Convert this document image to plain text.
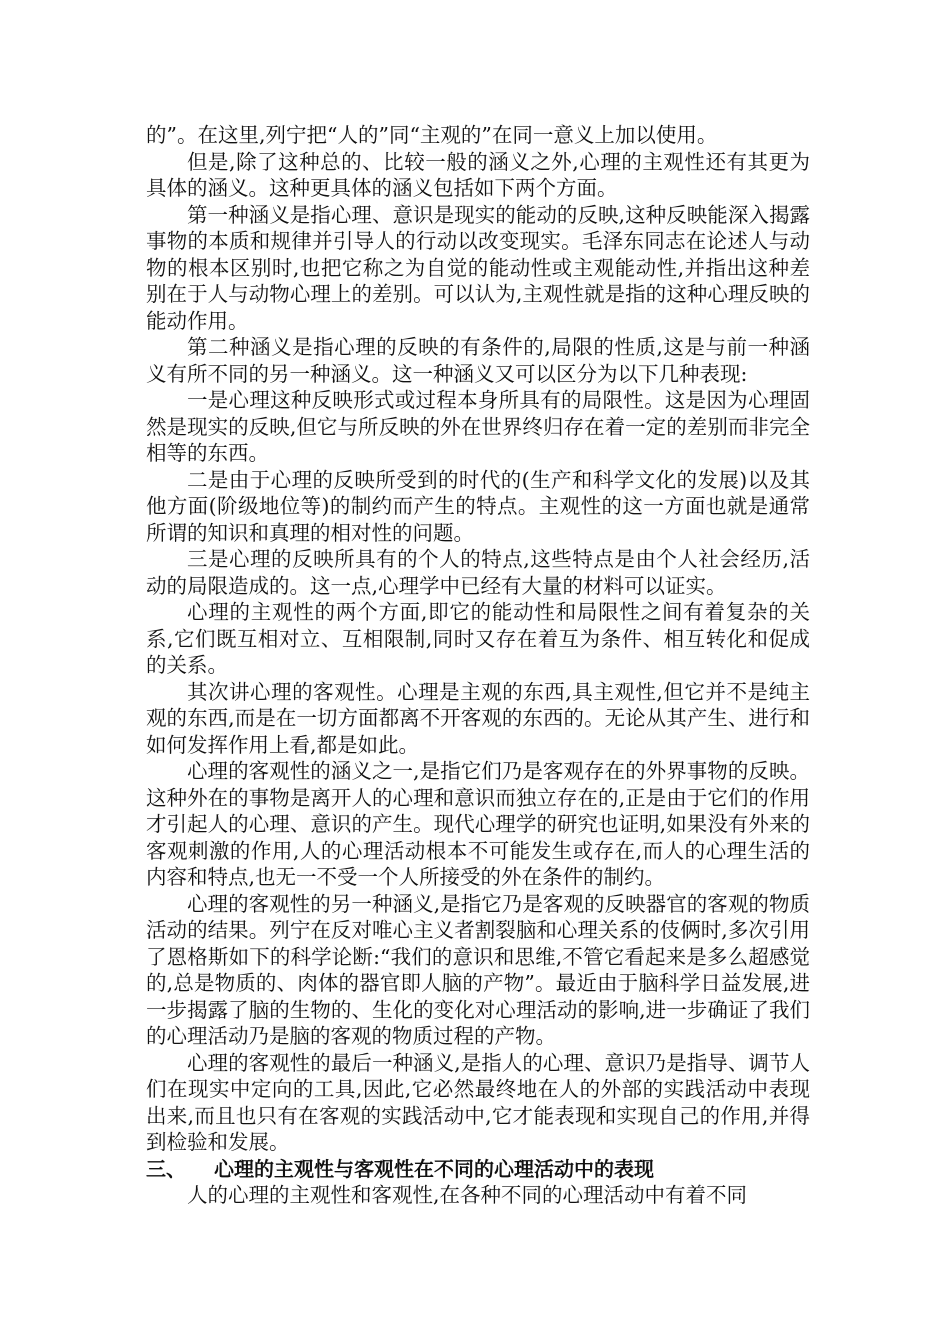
的”。在这里,列宁把“人的”同“主观的”在同一意义上加以使用。

但是,除了这种总的、比较一般的涵义之外,心理的主观性还有其更为具体的涵义。这种更具体的涵义包括如下两个方面。

第一种涵义是指心理、意识是现实的能动的反映,这种反映能深入揭露事物的本质和规律并引导人的行动以改变现实。毛泽东同志在论述人与动物的根本区别时,也把它称之为自觉的能动性或主观能动性,并指出这种差别在于人与动物心理上的差别。可以认为,主观性就是指的这种心理反映的能动作用。

第二种涵义是指心理的反映的有条件的,局限的性质,这是与前一种涵义有所不同的另一种涵义。这一种涵义又可以区分为以下几种表现:

一是心理这种反映形式或过程本身所具有的局限性。这是因为心理固然是现实的反映,但它与所反映的外在世界终归存在着一定的差别而非完全相等的东西。

二是由于心理的反映所受到的时代的(生产和科学文化的发展)以及其他方面(阶级地位等)的制约而产生的特点。主观性的这一方面也就是通常所谓的知识和真理的相对性的问题。

三是心理的反映所具有的个人的特点,这些特点是由个人社会经历,活动的局限造成的。这一点,心理学中已经有大量的材料可以证实。

心理的主观性的两个方面,即它的能动性和局限性之间有着复杂的关系,它们既互相对立、互相限制,同时又存在着互为条件、相互转化和促成的关系。

其次讲心理的客观性。心理是主观的东西,具主观性,但它并不是纯主观的东西,而是在一切方面都离不开客观的东西的。无论从其产生、进行和如何发挥作用上看,都是如此。

心理的客观性的涵义之一,是指它们乃是客观存在的外界事物的反映。这种外在的事物是离开人的心理和意识而独立存在的,正是由于它们的作用才引起人的心理、意识的产生。现代心理学的研究也证明,如果没有外来的客观刺激的作用,人的心理活动根本不可能发生或存在,而人的心理生活的内容和特点,也无一不受一个人所接受的外在条件的制约。

心理的客观性的另一种涵义,是指它乃是客观的反映器官的客观的物质活动的结果。列宁在反对唯心主义者割裂脑和心理关系的伎俩时,多次引用了恩格斯如下的科学论断:“我们的意识和思维,不管它看起来是多么超感觉的,总是物质的、肉体的器官即人脑的产物”。最近由于脑科学日益发展,进一步揭露了脑的生物的、生化的变化对心理活动的影响,进一步确证了我们的心理活动乃是脑的客观的物质过程的产物。

心理的客观性的最后一种涵义,是指人的心理、意识乃是指导、调节人们在现实中定向的工具,因此,它必然最终地在人的外部的实践活动中表现出来,而且也只有在客观的实践活动中,它才能表现和实现自己的作用,并得到检验和发展。

三、 心理的主观性与客观性在不同的心理活动中的表现

人的心理的主观性和客观性,在各种不同的心理活动中有着不同
